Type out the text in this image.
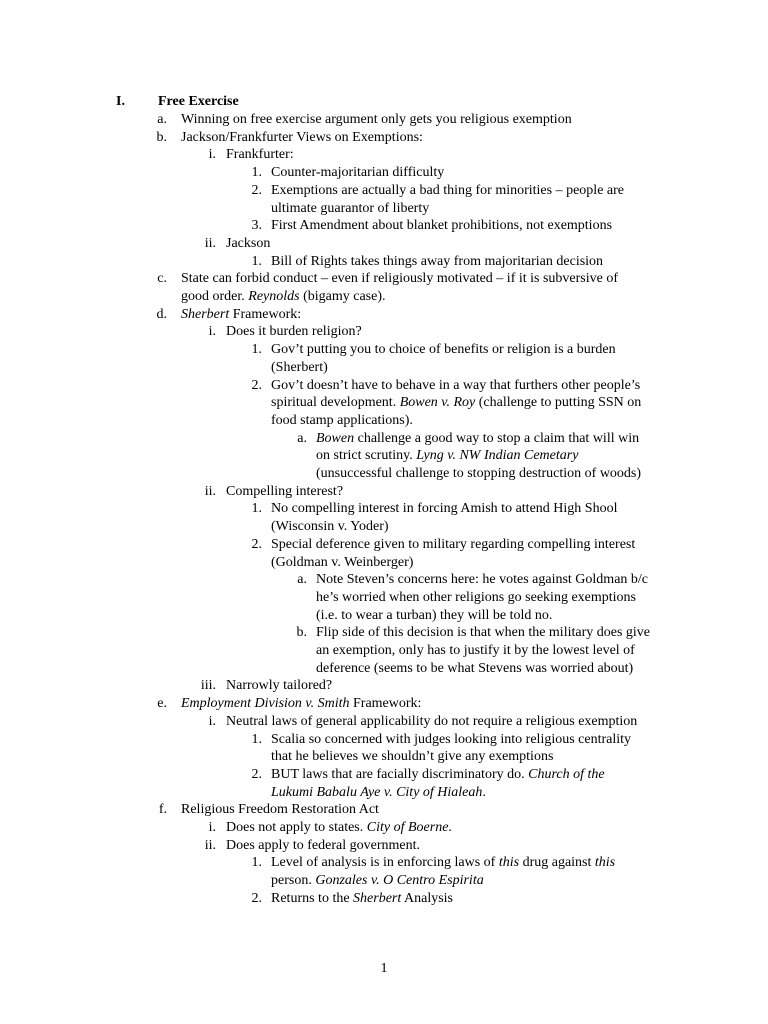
I. Free Exercise
a. Winning on free exercise argument only gets you religious exemption
b. Jackson/Frankfurter Views on Exemptions:
i. Frankfurter:
1. Counter-majoritarian difficulty
2. Exemptions are actually a bad thing for minorities – people are
ultimate guarantor of liberty
3. First Amendment about blanket prohibitions, not exemptions
ii. Jackson
1. Bill of Rights takes things away from majoritarian decision
c. State can forbid conduct – even if religiously motivated – if it is subversive of
good order. Reynolds (bigamy case).
d. Sherbert Framework:
i. Does it burden religion?
1. Gov’t putting you to choice of benefits or religion is a burden
(Sherbert)
2. Gov’t doesn’t have to behave in a way that furthers other people’s
spiritual development. Bowen v. Roy (challenge to putting SSN on
food stamp applications).
a. Bowen challenge a good way to stop a claim that will win
on strict scrutiny. Lyng v. NW Indian Cemetary
(unsuccessful challenge to stopping destruction of woods)
ii. Compelling interest?
1. No compelling interest in forcing Amish to attend High Shool
(Wisconsin v. Yoder)
2. Special deference given to military regarding compelling interest
(Goldman v. Weinberger)
a. Note Steven’s concerns here: he votes against Goldman b/c
he’s worried when other religions go seeking exemptions
(i.e. to wear a turban) they will be told no.
b. Flip side of this decision is that when the military does give
an exemption, only has to justify it by the lowest level of
deference (seems to be what Stevens was worried about)
iii. Narrowly tailored?
e. Employment Division v. Smith Framework:
i. Neutral laws of general applicability do not require a religious exemption
1. Scalia so concerned with judges looking into religious centrality
that he believes we shouldn’t give any exemptions
2. BUT laws that are facially discriminatory do. Church of the
Lukumi Babalu Aye v. City of Hialeah.
f. Religious Freedom Restoration Act
i. Does not apply to states. City of Boerne.
ii. Does apply to federal government.
1. Level of analysis is in enforcing laws of this drug against this
person. Gonzales v. O Centro Espirita
2. Returns to the Sherbert Analysis
1
